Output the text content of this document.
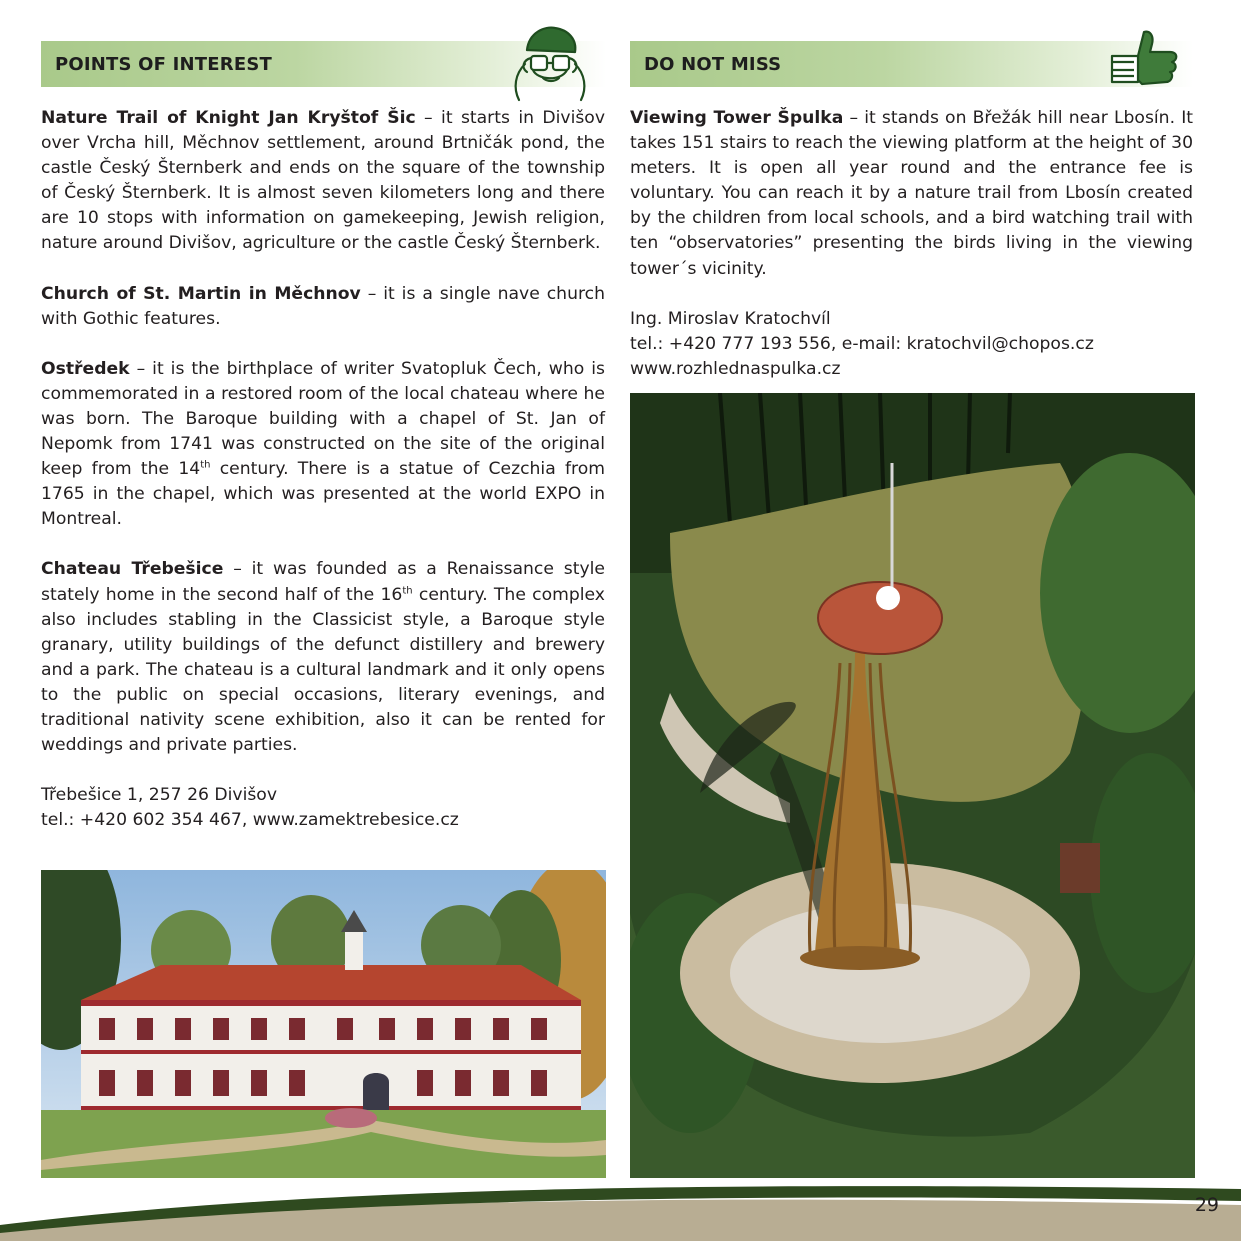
POINTS OF INTEREST

Nature Trail of Knight Jan Kryštof Šic – it starts in Divišov over Vrcha hill, Měchnov settlement, around Brtničák pond, the castle Český Šternberk and ends on the square of the township of Český Šternberk. It is almost seven kilometers long and there are 10 stops with information on gamekeeping, Jewish religion, nature around Divišov, agriculture or the castle Český Šternberk.

Church of St. Martin in Měchnov – it is a single nave church with Gothic features.

Ostředek – it is the birthplace of writer Svatopluk Čech, who is commemorated in a restored room of the local chateau where he was born. The Baroque building with a chapel of St. Jan of Nepomk from 1741 was constructed on the site of the original keep from the 14th century. There is a statue of Cezchia from 1765 in the chapel, which was presented at the world EXPO in Montreal.

Chateau Třebešice – it was founded as a Renaissance style stately home in the second half of the 16th century. The complex also includes stabling in the Classicist style, a Baroque style granary, utility buildings of the defunct distillery and brewery and a park. The chateau is a cultural landmark and it only opens to the public on special occasions, literary evenings, and traditional nativity scene exhibition, also it can be rented for weddings and private parties.

Třebešice 1, 257 26 Divišov
tel.: +420 602 354 467, www.zamektrebesice.cz
DO NOT MISS

Viewing Tower Špulka – it stands on Břežák hill near Lbosín. It takes 151 stairs to reach the viewing platform at the height of 30 meters. It is open all year round and the entrance fee is voluntary. You can reach it by a nature trail from Lbosín created by the children from local schools, and a bird watching trail with ten “observatories” presenting the birds living in the viewing tower´s vicinity.

Ing. Miroslav Kratochvíl
tel.: +420 777 193 556, e-mail: kratochvil@chopos.cz
www.rozhlednaspulka.cz
29
